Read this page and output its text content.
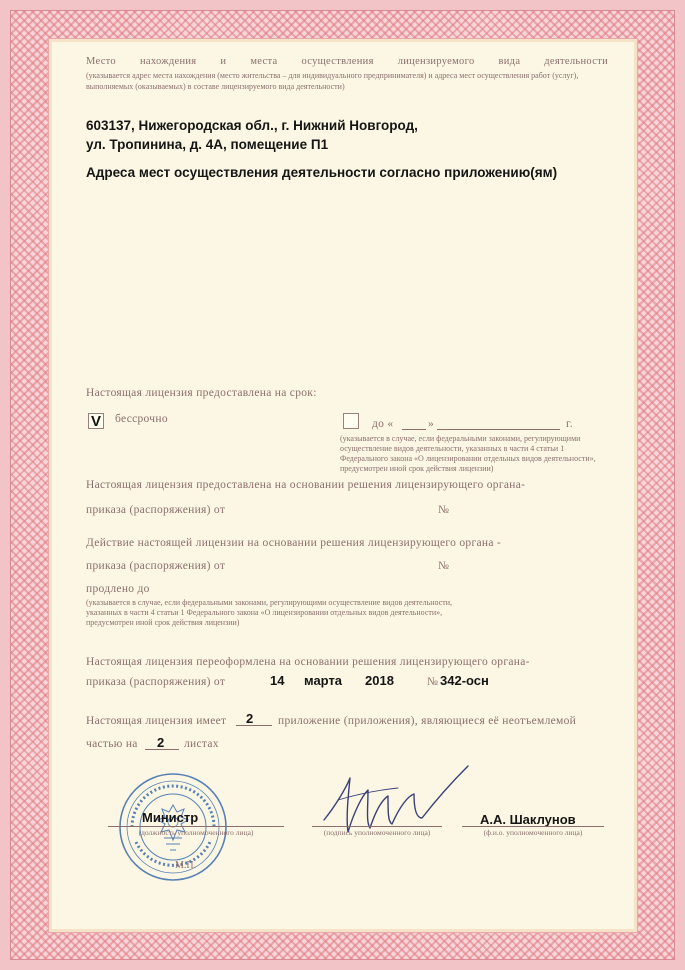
Место нахождения и места осуществления лицензируемого вида деятельности
(указывается адрес места нахождения (место жительства – для индивидуального предпринимателя) и адреса мест осуществления работ (услуг), выполняемых (оказываемых) в составе лицензируемого вида деятельности)
603137, Нижегородская обл., г. Нижний Новгород,
ул. Тропинина, д. 4А, помещение П1
Адреса мест осуществления деятельности согласно приложению(ям)
Настоящая лицензия предоставлена на срок:
V бессрочно	до «	»	г.
(указывается в случае, если федеральными законами, регулирующими осуществление видов деятельности, указанных в части 4 статьи 1 Федерального закона «О лицензировании отдельных видов деятельности», предусмотрен иной срок действия лицензии)
Настоящая лицензия предоставлена на основании решения лицензирующего органа-
приказа (распоряжения) от	№
Действие настоящей лицензии на основании решения лицензирующего органа -
приказа (распоряжения) от	№
продлено до
(указывается в случае, если федеральными законами, регулирующими осуществление видов деятельности, указанных в части 4 статьи 1 Федерального закона «О лицензировании отдельных видов деятельности», предусмотрен иной срок действия лицензии)
Настоящая лицензия переоформлена на основании решения лицензирующего органа-
приказа (распоряжения) от	14 марта 2018	№ 342-осн
Настоящая лицензия имеет 2 приложение (приложения), являющиеся её неотъемлемой
частью на 2 листах
Министр
(должность уполномоченного лица)	(подпись уполномоченного лица)
А.А. Шаклунов
(ф.и.о. уполномоченного лица)
М.П.
